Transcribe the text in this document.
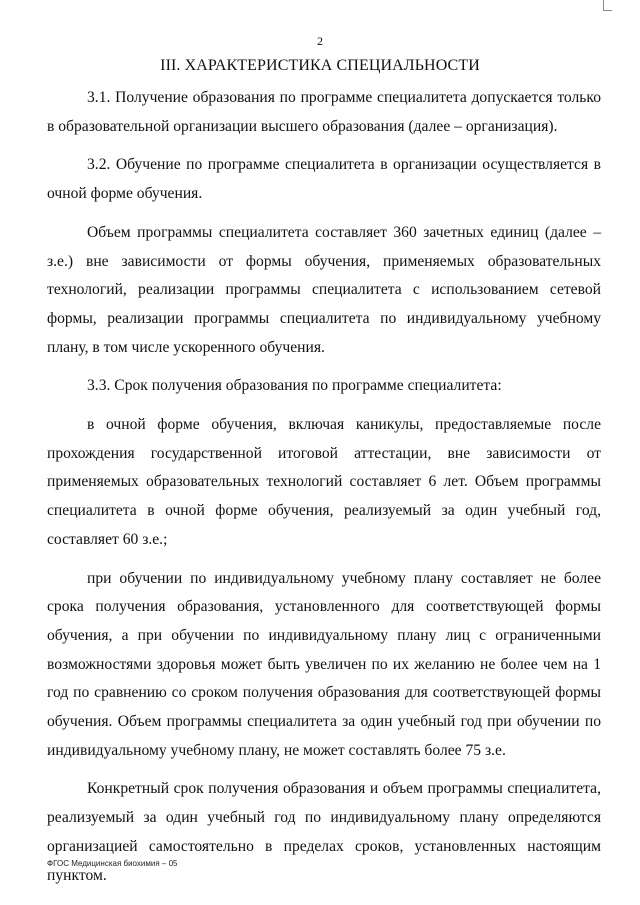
2
III. ХАРАКТЕРИСТИКА СПЕЦИАЛЬНОСТИ

3.1. Получение образования по программе специалитета допускается только в образовательной организации высшего образования (далее – организация).

3.2. Обучение по программе специалитета в организации осуществляется в очной форме обучения.

Объем программы специалитета составляет 360 зачетных единиц (далее – з.е.) вне зависимости от формы обучения, применяемых образовательных технологий, реализации программы специалитета с использованием сетевой формы, реализации программы специалитета по индивидуальному учебному плану, в том числе ускоренного обучения.

3.3. Срок получения образования по программе специалитета:

в очной форме обучения, включая каникулы, предоставляемые после прохождения государственной итоговой аттестации, вне зависимости от применяемых образовательных технологий составляет 6 лет. Объем программы специалитета в очной форме обучения, реализуемый за один учебный год, составляет 60 з.е.;

при обучении по индивидуальному учебному плану составляет не более срока получения образования, установленного для соответствующей формы обучения, а при обучении по индивидуальному плану лиц с ограниченными возможностями здоровья может быть увеличен по их желанию не более чем на 1 год по сравнению со сроком получения образования для соответствующей формы обучения. Объем программы специалитета за один учебный год при обучении по индивидуальному учебному плану, не может составлять более 75 з.е.

Конкретный срок получения образования и объем программы специалитета, реализуемый за один учебный год по индивидуальному плану определяются организацией самостоятельно в пределах сроков, установленных настоящим пунктом.

ФГОС Медицинская биохимия – 05
